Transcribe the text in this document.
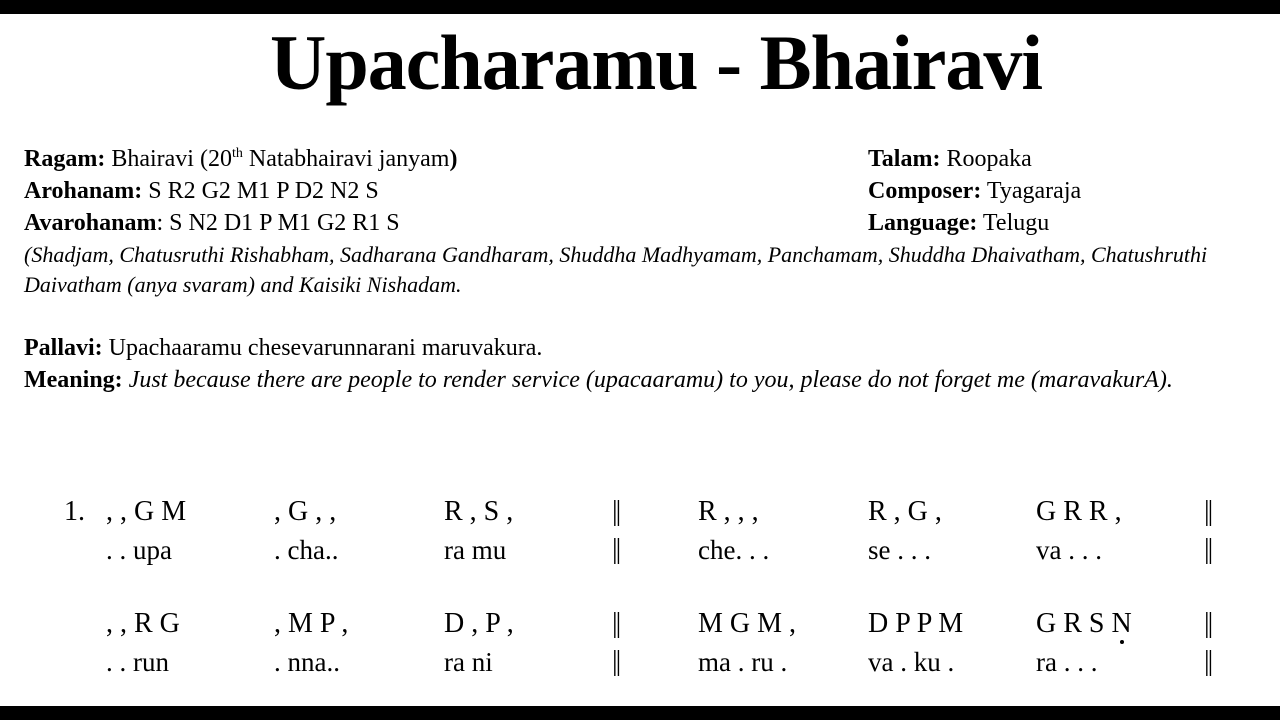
Upacharamu - Bhairavi
Ragam: Bhairavi (20th Natabhairavi janyam)
Arohanam: S R2 G2 M1 P D2 N2 S
Avarohanam: S N2 D1 P M1 G2 R1 S
Talam: Roopaka
Composer: Tyagaraja
Language: Telugu
(Shadjam, Chatusruthi Rishabham, Sadharana Gandharam, Shuddha Madhyamam, Panchamam, Shuddha Dhaivatham, Chatushruthi Daivatham (anya svaram) and Kaisiki Nishadam.
Pallavi: Upachaaramu chesevarunnarani maruvakura.
Meaning: Just because there are people to render service (upacaaramu) to you, please do not forget me (maravakurA).
1. , , G M	, G , ,	R , S ,	||	R , , ,	R , G ,	G R R ,	||
. . upa	. cha..	ra mu	||	che. . .	se . . .	va . . .	||
, , R G	, M P ,	D , P ,	||	M G M ,	D P P M	G R S N	||
. . run	. nna..	ra ni	||	ma . ru .	va . ku .	ra . . .	||
